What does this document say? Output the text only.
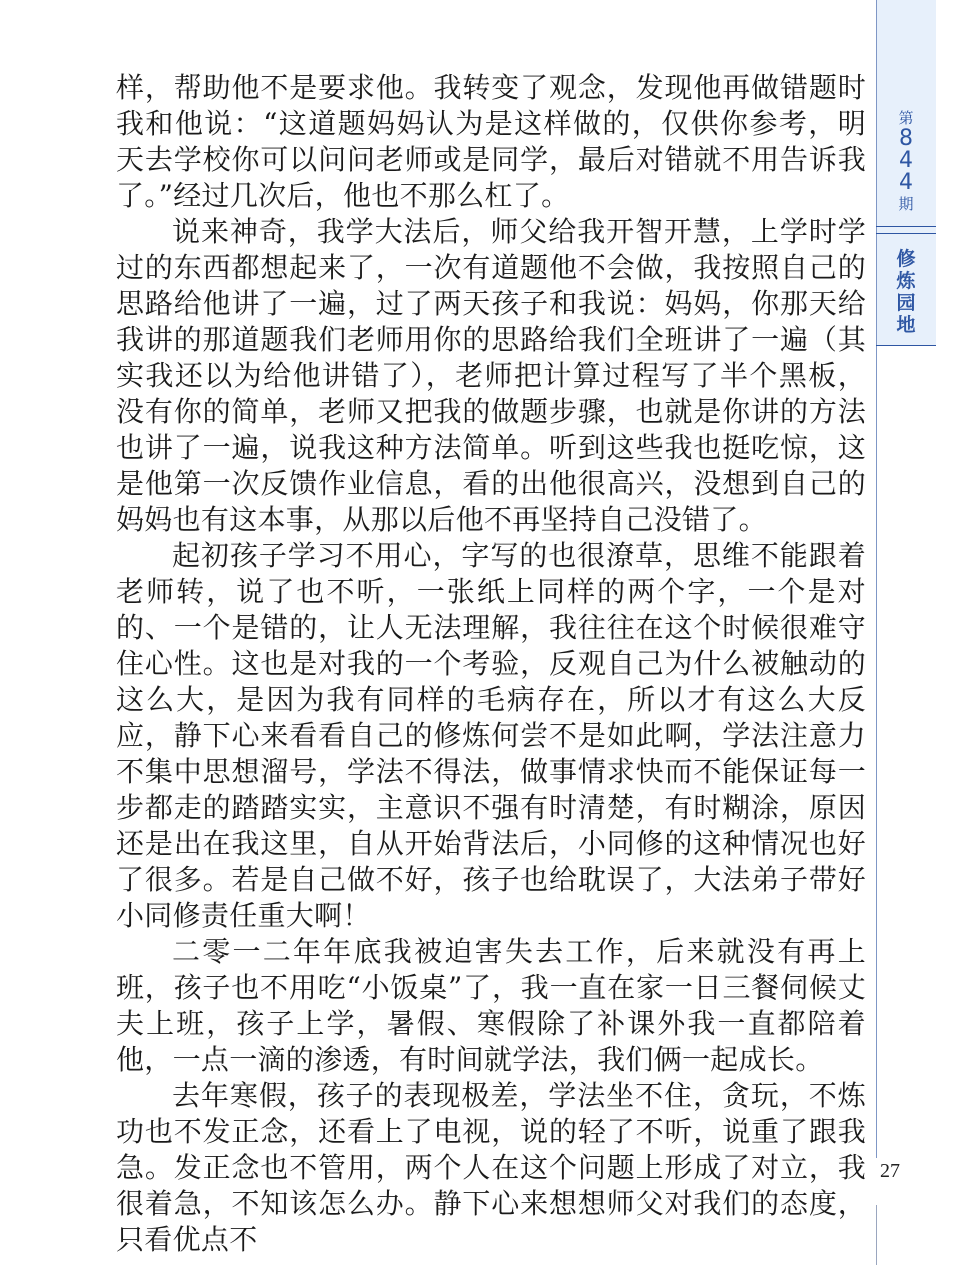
第
8
4
4
期
修
炼
园
地

样，帮助他不是要求他。我转变了观念，发现他再做错题时我和他说：“这道题妈妈认为是这样做的，仅供你参考，明天去学校你可以问问老师或是同学，最后对错就不用告诉我了。”经过几次后，他也不那么杠了。

说来神奇，我学大法后，师父给我开智开慧，上学时学过的东西都想起来了，一次有道题他不会做，我按照自己的思路给他讲了一遍，过了两天孩子和我说：妈妈，你那天给我讲的那道题我们老师用你的思路给我们全班讲了一遍（其实我还以为给他讲错了），老师把计算过程写了半个黑板，没有你的简单，老师又把我的做题步骤，也就是你讲的方法也讲了一遍，说我这种方法简单。听到这些我也挺吃惊，这是他第一次反馈作业信息，看的出他很高兴，没想到自己的妈妈也有这本事，从那以后他不再坚持自己没错了。

起初孩子学习不用心，字写的也很潦草，思维不能跟着老师转，说了也不听，一张纸上同样的两个字，一个是对的、一个是错的，让人无法理解，我往往在这个时候很难守住心性。这也是对我的一个考验，反观自己为什么被触动的这么大，是因为我有同样的毛病存在，所以才有这么大反应，静下心来看看自己的修炼何尝不是如此啊，学法注意力不集中思想溜号，学法不得法，做事情求快而不能保证每一步都走的踏踏实实，主意识不强有时清楚，有时糊涂，原因还是出在我这里，自从开始背法后，小同修的这种情况也好了很多。若是自己做不好，孩子也给耽误了，大法弟子带好小同修责任重大啊！

二零一二年年底我被迫害失去工作，后来就没有再上班，孩子也不用吃“小饭桌”了，我一直在家一日三餐伺候丈夫上班，孩子上学，暑假、寒假除了补课外我一直都陪着他，一点一滴的渗透，有时间就学法，我们俩一起成长。

去年寒假，孩子的表现极差，学法坐不住，贪玩，不炼功也不发正念，还看上了电视，说的轻了不听，说重了跟我急。发正念也不管用，两个人在这个问题上形成了对立，我很着急，不知该怎么办。静下心来想想师父对我们的态度，只看优点不

27
